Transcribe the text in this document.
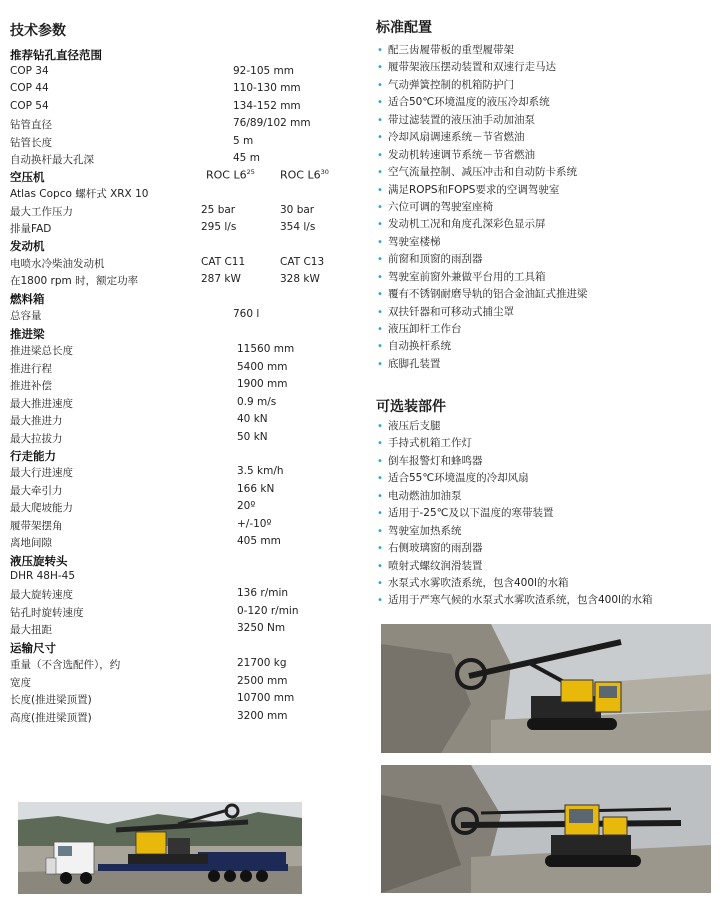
技术参数
推荐钻孔直径范围
COP 34	92-105 mm
COP 44	110-130 mm
COP 54	134-152 mm
钻管直径	76/89/102 mm
钻管长度	5 m
自动换杆最大孔深	45 m
空压机	ROC $L6^{25}$ ROC $L6^{30}$
Atlas Copco 螺杆式 XRX 10
最大工作压力	25 bar	30 bar
排量FAD	295 l/s	354 l/s
发动机
电喷水冷柴油发动机	CAT C11	CAT C13
在1800 rpm 时，额定功率	287 kW	328 kW
燃料箱
总容量	760 l
推进梁
推进梁总长度	11560 mm
推进行程	5400 mm
推进补偿	1900 mm
最大推进速度	0.9 m/s
最大推进力	40 kN
最大拉拔力	50 kN
行走能力
最大行进速度	3.5 km/h
最大牵引力	166 kN
最大爬坡能力	20º
履带架摆角	+/-10º
离地间隙	405 mm
液压旋转头
DHR 48H-45
最大旋转速度	136 r/min
钻孔时旋转速度	0-120 r/min
最大扭距	3250 Nm
运输尺寸
重量（不含选配件），约	21700 kg
宽度	2500 mm
长度(推进梁顶置)	10700 mm
高度(推进梁顶置)	3200 mm
标准配置
• 配三齿履带板的重型履带架
• 履带架液压摆动装置和双速行走马达
• 气动弹簧控制的机箱防护门
• 适合50℃环境温度的液压冷却系统
• 带过滤装置的液压油手动加油泵
• 冷却风扇调速系统－节省燃油
• 发动机转速调节系统－节省燃油
• 空气流量控制、减压冲击和自动防卡系统
• 满足ROPS和FOPS要求的空调驾驶室
• 六位可调的驾驶室座椅
• 发动机工况和角度孔深彩色显示屏
• 驾驶室楼梯
• 前窗和顶窗的雨刮器
• 驾驶室前窗外兼做平台用的工具箱
• 覆有不锈钢耐磨导轨的铝合金油缸式推进梁
• 双扶钎器和可移动式捕尘罩
• 液压卸杆工作台
• 自动换杆系统
• 底脚孔装置
可选装部件
• 液压后支腿
• 手持式机箱工作灯
• 倒车报警灯和蜂鸣器
• 适合55℃环境温度的冷却风扇
• 电动燃油加油泵
• 适用于-25℃及以下温度的寒带装置
• 驾驶室加热系统
• 右侧玻璃窗的雨刮器
• 喷射式螺纹润滑装置
• 水泵式水雾吹渣系统，包含400l的水箱
• 适用于严寒气候的水泵式水雾吹渣系统，包含400l的水箱
